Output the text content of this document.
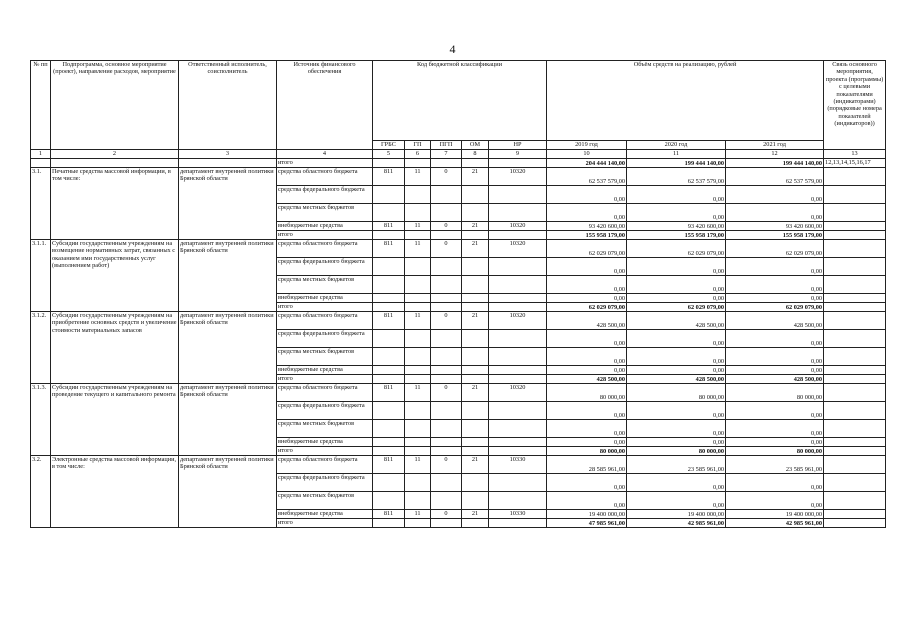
4
№ пп	Подпрограмма, основное мероприятие (проект), направление расходов, мероприятие	Ответственный исполнитель, соисполнитель	Источник финансового обеспечения	Код бюджетной классификации					Объём средств на реализацию, рублей			Связь основного мероприятия, проекта (программы) с целевыми показателями (индикаторами) (порядковые номера показателей (индикаторов))
				ГРБС	ГП	ПГП	ОМ	НР	2019 год	2020 год	2021 год	
1	2	3	4	5	6	7	8	9	10	11	12	13
			итого						204 444 140,00	199 444 140,00	199 444 140,00	12,13,14,15,16,17
3.1.	Печатные средства массовой информации, в том числе:	департамент внутренней политики Брянской области	средства областного бюджета	811	11	0	21	10320	62 537 579,00	62 537 579,00	62 537 579,00	
			средства федерального бюджета						0,00	0,00	0,00	
			средства местных бюджетов						0,00	0,00	0,00	
			внебюджетные средства	811	11	0	21	10320	93 420 600,00	93 420 600,00	93 420 600,00	
			итого						155 958 179,00	155 958 179,00	155 958 179,00	
3.1.1.	Субсидии государственным учреждениям на возмещение нормативных затрат, связанных с оказанием ими государственных услуг (выполнением работ)	департамент внутренней политики Брянской области	средства областного бюджета	811	11	0	21	10320	62 029 079,00	62 029 079,00	62 029 079,00	
			средства федерального бюджета						0,00	0,00	0,00	
			средства местных бюджетов						0,00	0,00	0,00	
			внебюджетные средства						0,00	0,00	0,00	
			итого						62 029 079,00	62 029 079,00	62 029 079,00	
3.1.2.	Субсидии государственным учреждениям на приобретение основных средств и увеличение стоимости материальных запасов	департамент внутренней политики Брянской области	средства областного бюджета	811	11	0	21	10320	428 500,00	428 500,00	428 500,00	
			средства федерального бюджета						0,00	0,00	0,00	
			средства местных бюджетов						0,00	0,00	0,00	
			внебюджетные средства						0,00	0,00	0,00	
			итого						428 500,00	428 500,00	428 500,00	
3.1.3.	Субсидии государственным учреждениям на проведение текущего и капитального ремонта	департамент внутренней политики Брянской области	средства областного бюджета	811	11	0	21	10320	80 000,00	80 000,00	80 000,00	
			средства федерального бюджета						0,00	0,00	0,00	
			средства местных бюджетов						0,00	0,00	0,00	
			внебюджетные средства						0,00	0,00	0,00	
			итого						80 000,00	80 000,00	80 000,00	
3.2.	Электронные средства массовой информации, в том числе:	департамент внутренней политики Брянской области	средства областного бюджета	811	11	0	21	10330	28 585 961,00	23 585 961,00	23 585 961,00	
			средства федерального бюджета						0,00	0,00	0,00	
			средства местных бюджетов						0,00	0,00	0,00	
			внебюджетные средства	811	11	0	21	10330	19 400 000,00	19 400 000,00	19 400 000,00	
			итого						47 985 961,00	42 985 961,00	42 985 961,00	
